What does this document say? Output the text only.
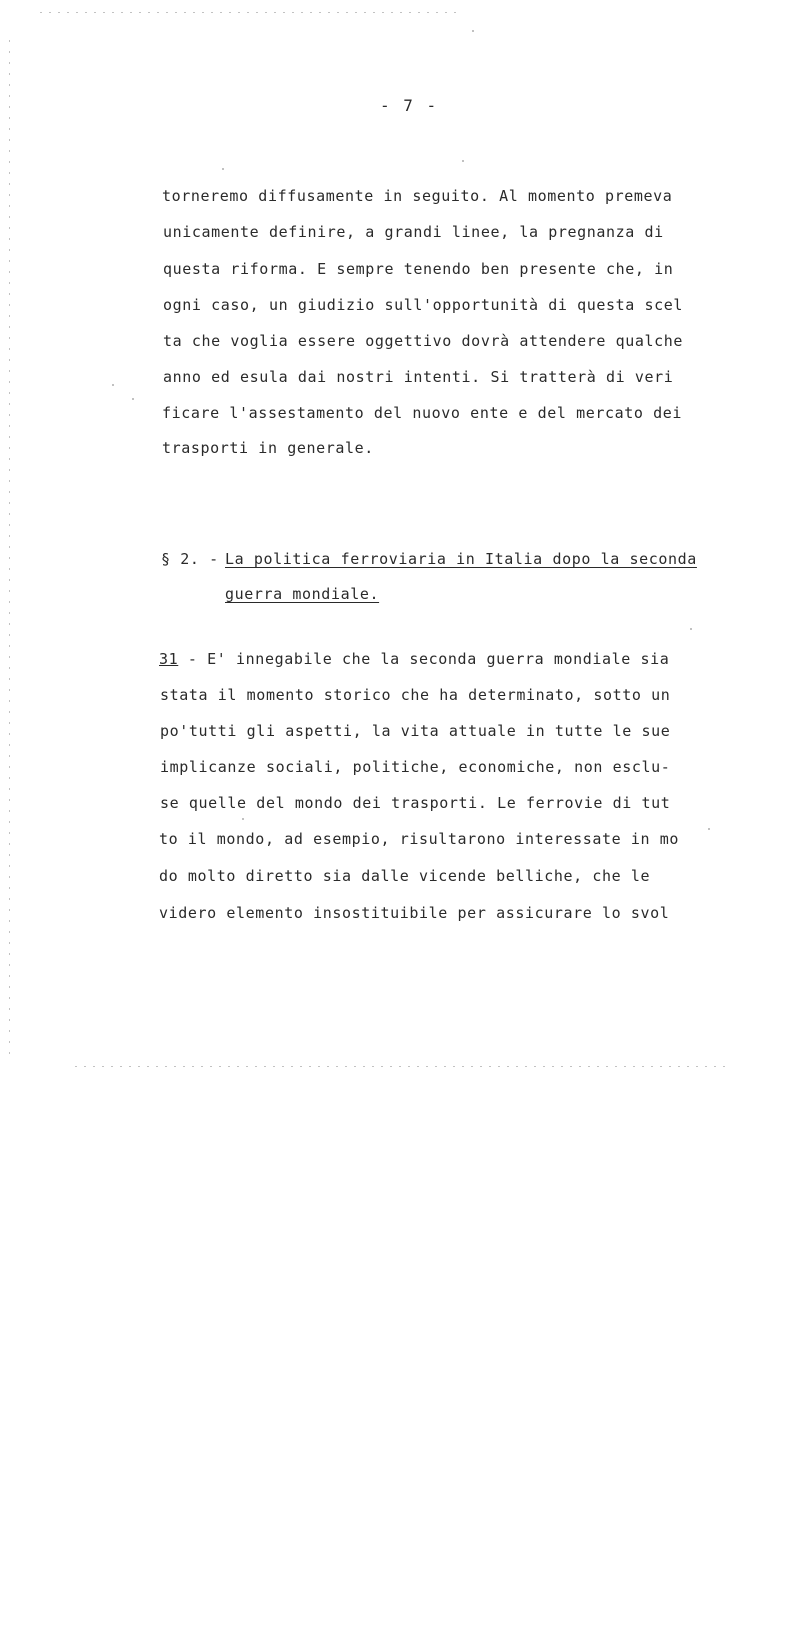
- 7 -
torneremo diffusamente in seguito. Al momento premeva
unicamente definire, a grandi linee, la pregnanza di
questa riforma. E sempre tenendo ben presente che, in
ogni caso, un giudizio sull'opportunità di questa scel
ta che voglia essere oggettivo dovrà attendere qualche
anno ed esula dai nostri intenti. Si tratterà di veri
ficare l'assestamento del nuovo ente e del mercato dei
trasporti in generale.
§ 2. - La politica ferroviaria in Italia dopo la seconda
guerra mondiale.
31 - E' innegabile che la seconda guerra mondiale sia
stata il momento storico che ha determinato, sotto un
po'tutti gli aspetti, la vita attuale in tutte le sue
implicanze sociali, politiche, economiche, non esclu-
se quelle del mondo dei trasporti. Le ferrovie di tut
to il mondo, ad esempio, risultarono interessate in mo
do molto diretto sia dalle vicende belliche, che le
videro elemento insostituibile per assicurare lo svol
